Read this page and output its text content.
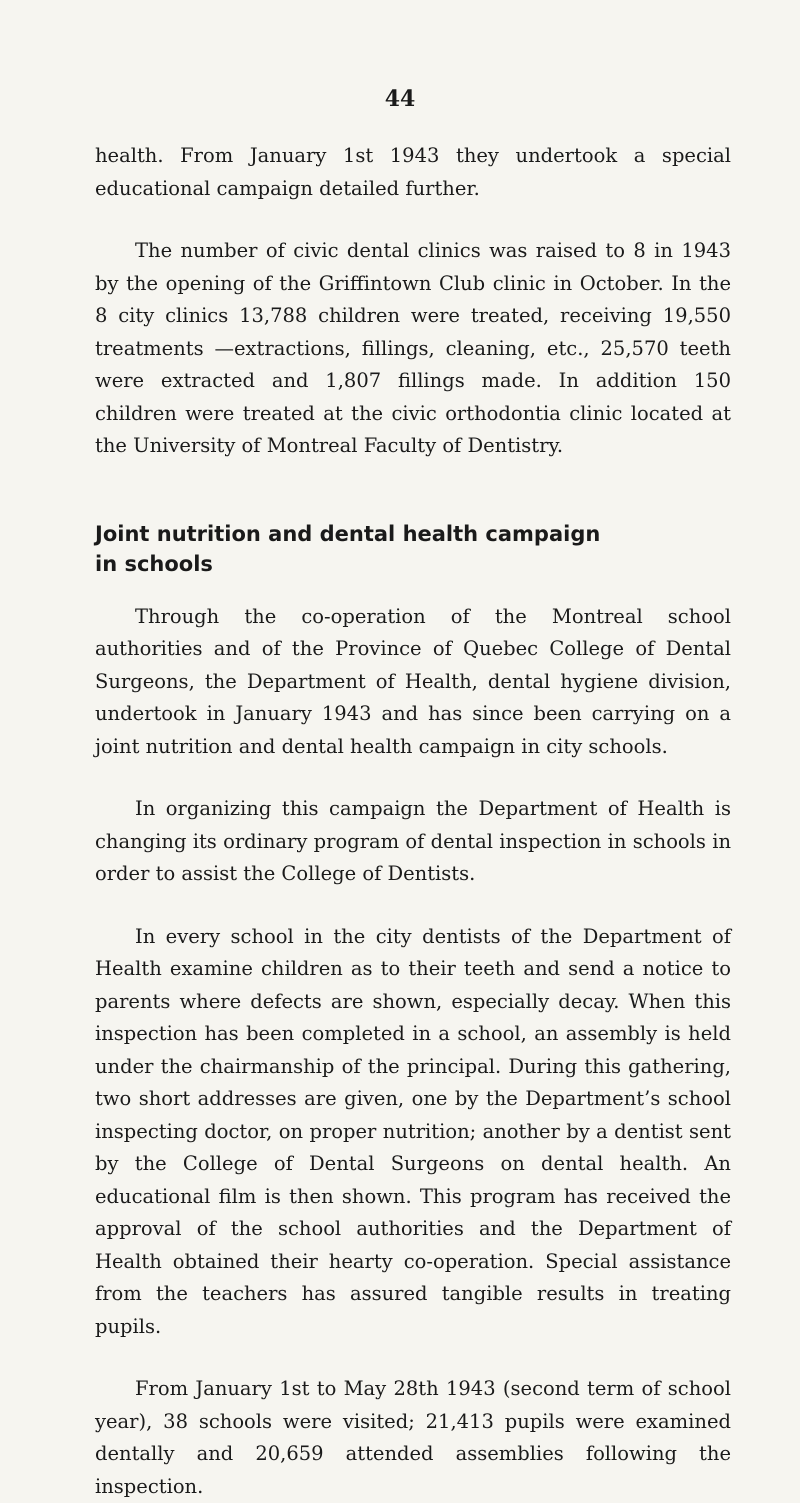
44

health. From January 1st 1943 they undertook a special educational campaign detailed further.

The number of civic dental clinics was raised to 8 in 1943 by the opening of the Griffintown Club clinic in October. In the 8 city clinics 13,788 children were treated, receiving 19,550 treatments —extractions, fillings, cleaning, etc., 25,570 teeth were extracted and 1,807 fillings made. In addition 150 children were treated at the civic orthodontia clinic located at the University of Montreal Faculty of Dentistry.

Joint nutrition and dental health campaign
in schools

Through the co-operation of the Montreal school authorities and of the Province of Quebec College of Dental Surgeons, the Department of Health, dental hygiene division, undertook in January 1943 and has since been carrying on a joint nutrition and dental health campaign in city schools.

In organizing this campaign the Department of Health is changing its ordinary program of dental inspection in schools in order to assist the College of Dentists.

In every school in the city dentists of the Department of Health examine children as to their teeth and send a notice to parents where defects are shown, especially decay. When this inspection has been completed in a school, an assembly is held under the chairmanship of the principal. During this gathering, two short addresses are given, one by the Department’s school inspecting doctor, on proper nutrition; another by a dentist sent by the College of Dental Surgeons on dental health. An educational film is then shown. This program has received the approval of the school authorities and the Department of Health obtained their hearty co-operation. Special assistance from the teachers has assured tangible results in treating pupils.

From January 1st to May 28th 1943 (second term of school year), 38 schools were visited; 21,413 pupils were examined dentally and 20,659 attended assemblies following the inspection.
